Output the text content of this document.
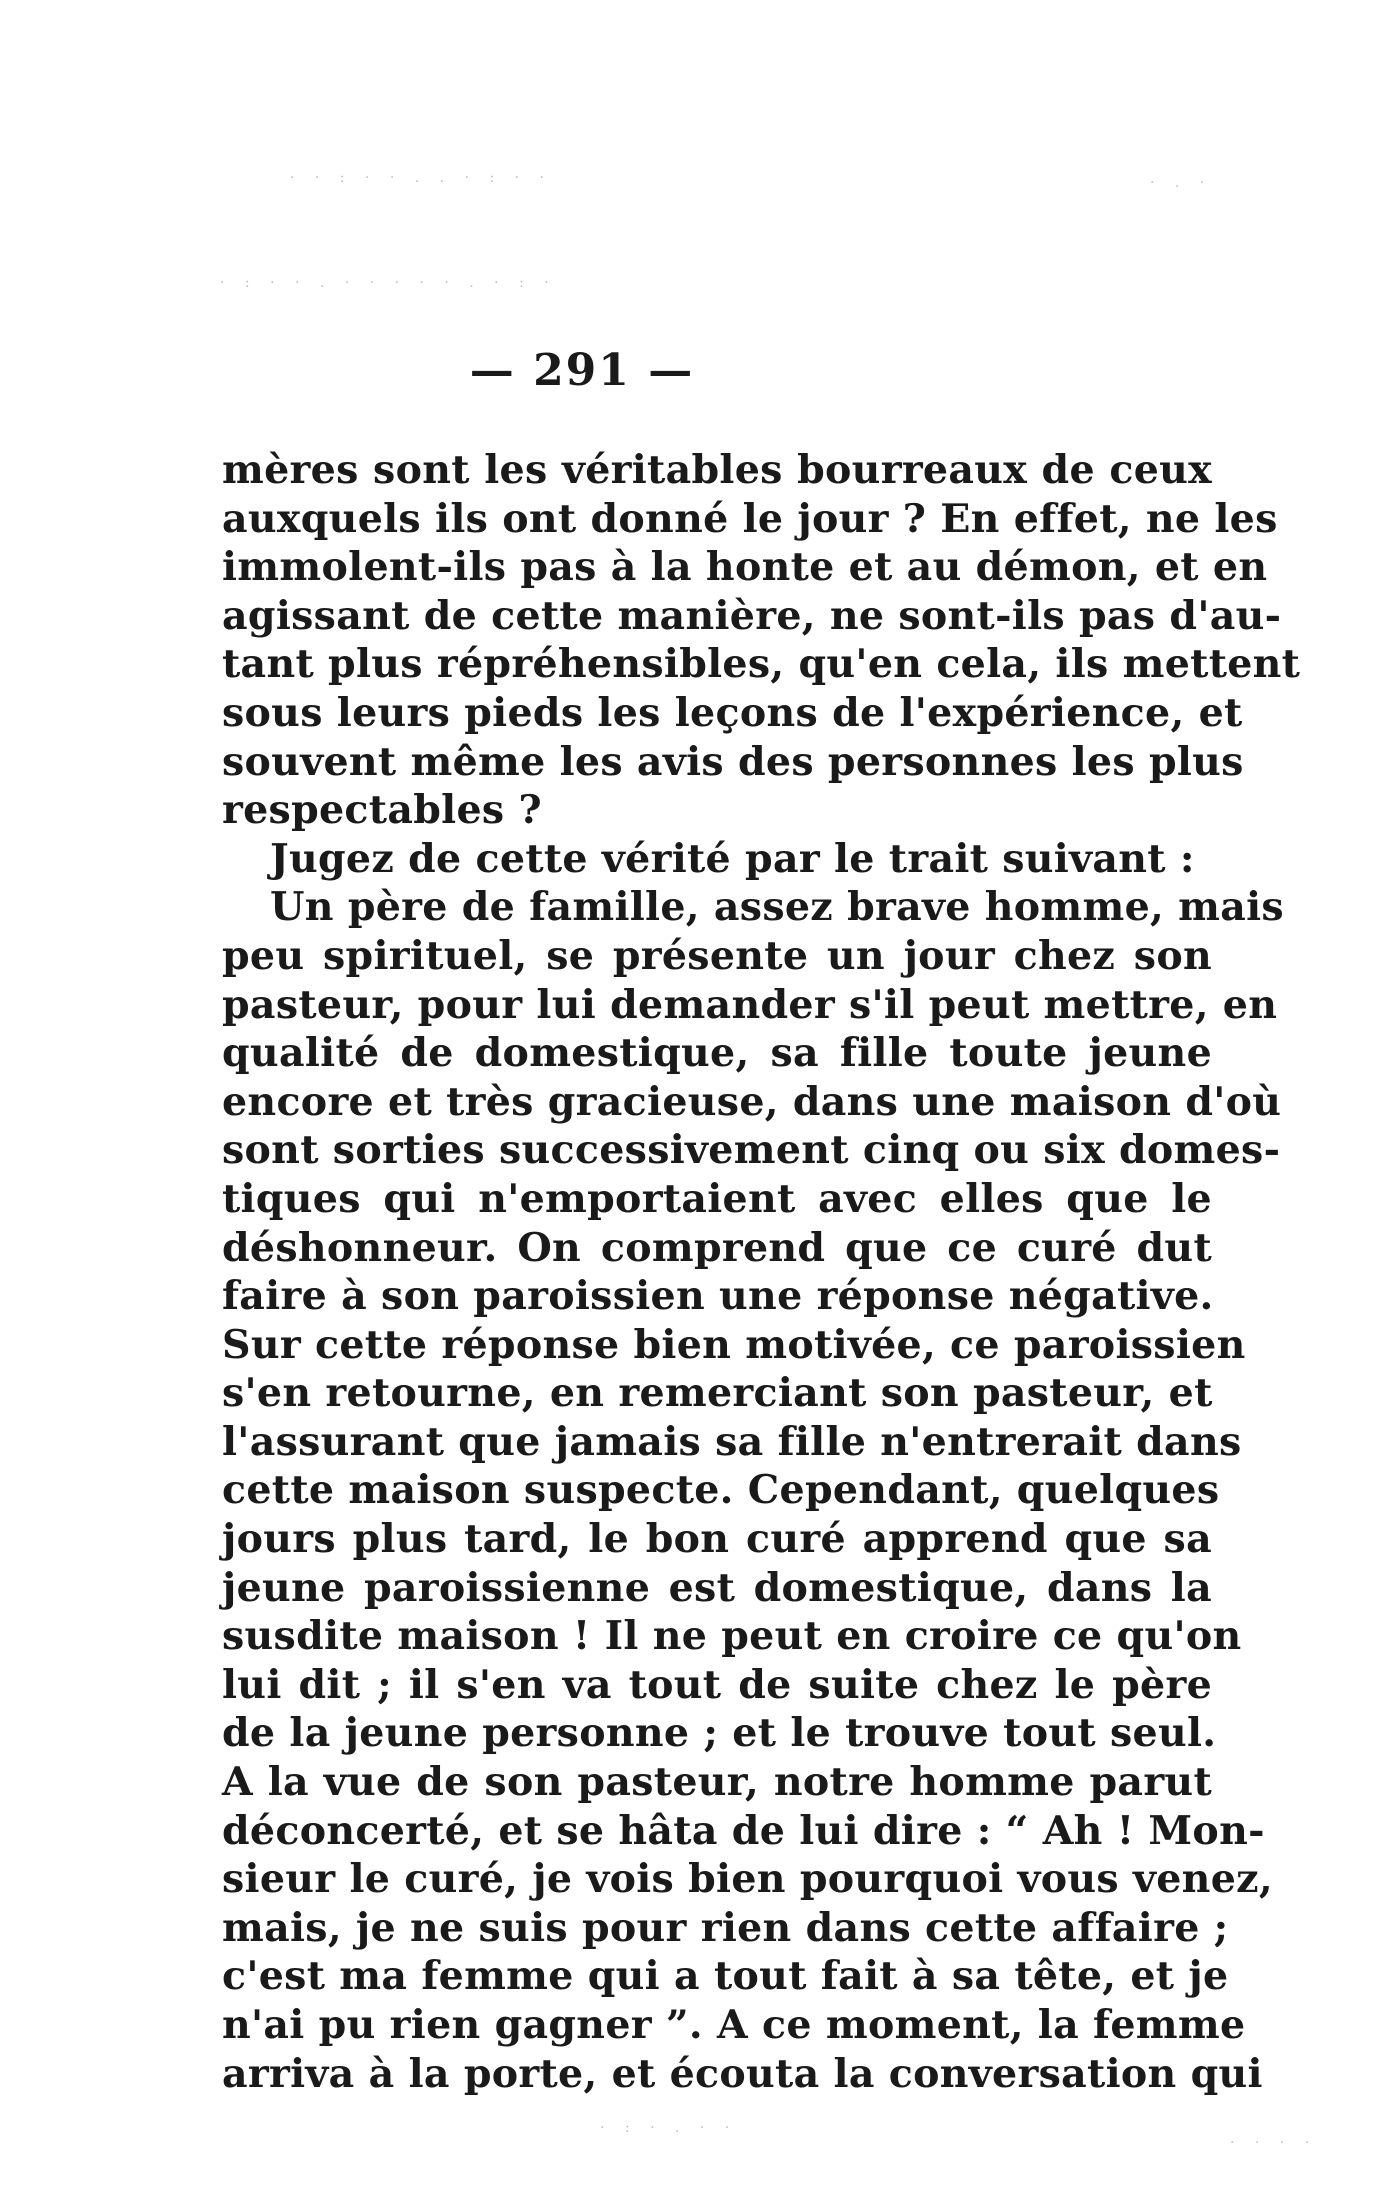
· · : · · . . · : · ·	· . ·
· : · · . · · · · · . · : ·
— 291 —
mères sont les véritables bourreaux de ceux
auxquels ils ont donné le jour ? En effet, ne les
immolent-ils pas à la honte et au démon, et en
agissant de cette manière, ne sont-ils pas d'au-
tant plus répréhensibles, qu'en cela, ils mettent
sous leurs pieds les leçons de l'expérience, et
souvent même les avis des personnes les plus
respectables ?
Jugez de cette vérité par le trait suivant :
Un père de famille, assez brave homme, mais
peu spirituel, se présente un jour chez son
pasteur, pour lui demander s'il peut mettre, en
qualité de domestique, sa fille toute jeune
encore et très gracieuse, dans une maison d'où
sont sorties successivement cinq ou six domes-
tiques qui n'emportaient avec elles que le
déshonneur. On comprend que ce curé dut
faire à son paroissien une réponse négative.
Sur cette réponse bien motivée, ce paroissien
s'en retourne, en remerciant son pasteur, et
l'assurant que jamais sa fille n'entrerait dans
cette maison suspecte. Cependant, quelques
jours plus tard, le bon curé apprend que sa
jeune paroissienne est domestique, dans la
susdite maison ! Il ne peut en croire ce qu'on
lui dit ; il s'en va tout de suite chez le père
de la jeune personne ; et le trouve tout seul.
A la vue de son pasteur, notre homme parut
déconcerté, et se hâta de lui dire : “ Ah ! Mon-
sieur le curé, je vois bien pourquoi vous venez,
mais, je ne suis pour rien dans cette affaire ;
c'est ma femme qui a tout fait à sa tête, et je
n'ai pu rien gagner ”. A ce moment, la femme
arriva à la porte, et écouta la conversation qui
· : · . · ·
· · · ·
